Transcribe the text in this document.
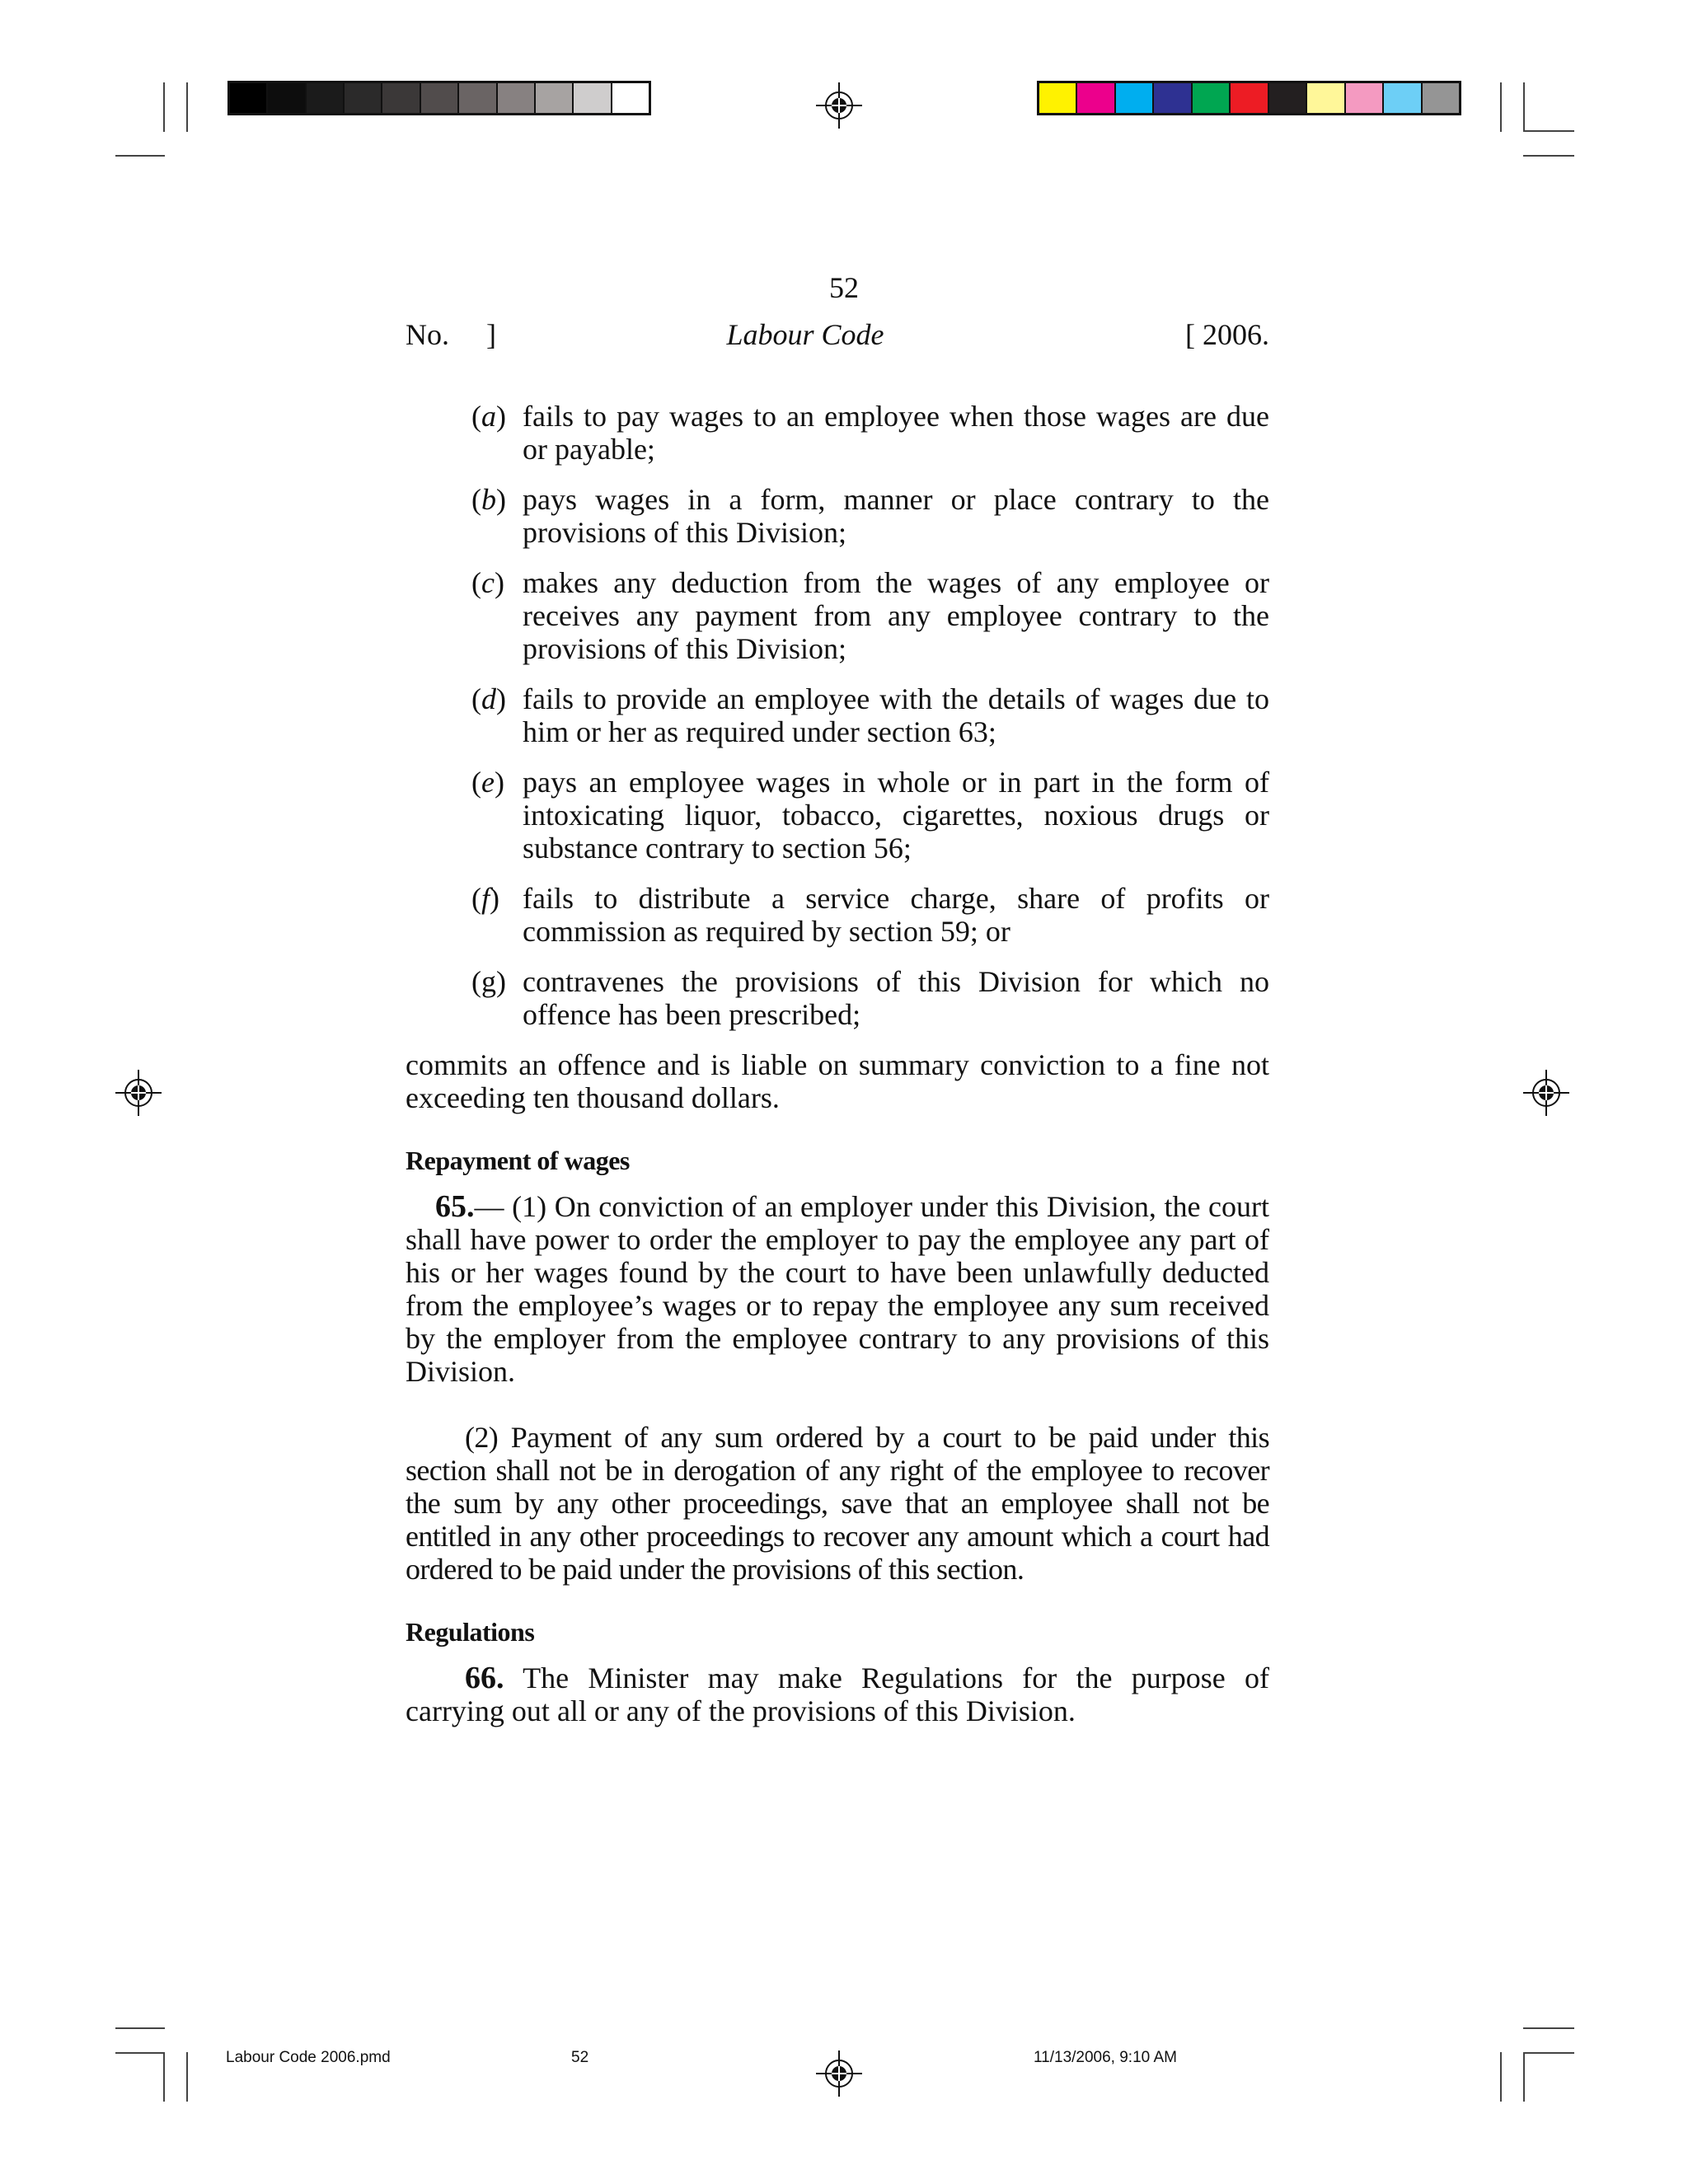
52
No.     ]	Labour Code	[ 2006.
(a) fails to pay wages to an employee when those wages are due or payable;
(b) pays wages in a form, manner or place contrary to the provisions of this Division;
(c) makes any deduction from the wages of any employee or receives any payment from any employee contrary to the provisions of this Division;
(d) fails to provide an employee with the details of wages due to him or her as required under section 63;
(e) pays an employee wages in whole or in part in the form of intoxicating liquor, tobacco, cigarettes, noxious drugs or substance contrary to section 56;
(f) fails to distribute a service charge, share of profits or commission as required by section 59; or
(g) contravenes the provisions of this Division for which no offence has been prescribed;

commits an offence and is liable on summary conviction to a fine not exceeding ten thousand dollars.

Repayment of wages

65.— (1) On conviction of an employer under this Division, the court shall have power to order the employer to pay the employee any part of his or her wages found by the court to have been unlawfully deducted from the employee’s wages or to repay the employee any sum received by the employer from the employee contrary to any provisions of this Division.

(2) Payment of any sum ordered by a court to be paid under this section shall not be in derogation of any right of the employee to recover the sum by any other proceedings, save that an employee shall not be entitled in any other proceedings to recover any amount which a court had ordered to be paid under the provisions of this section.

Regulations

66. The Minister may make Regulations for the purpose of carrying out all or any of the provisions of this Division.

Labour Code 2006.pmd	52	11/13/2006, 9:10 AM
